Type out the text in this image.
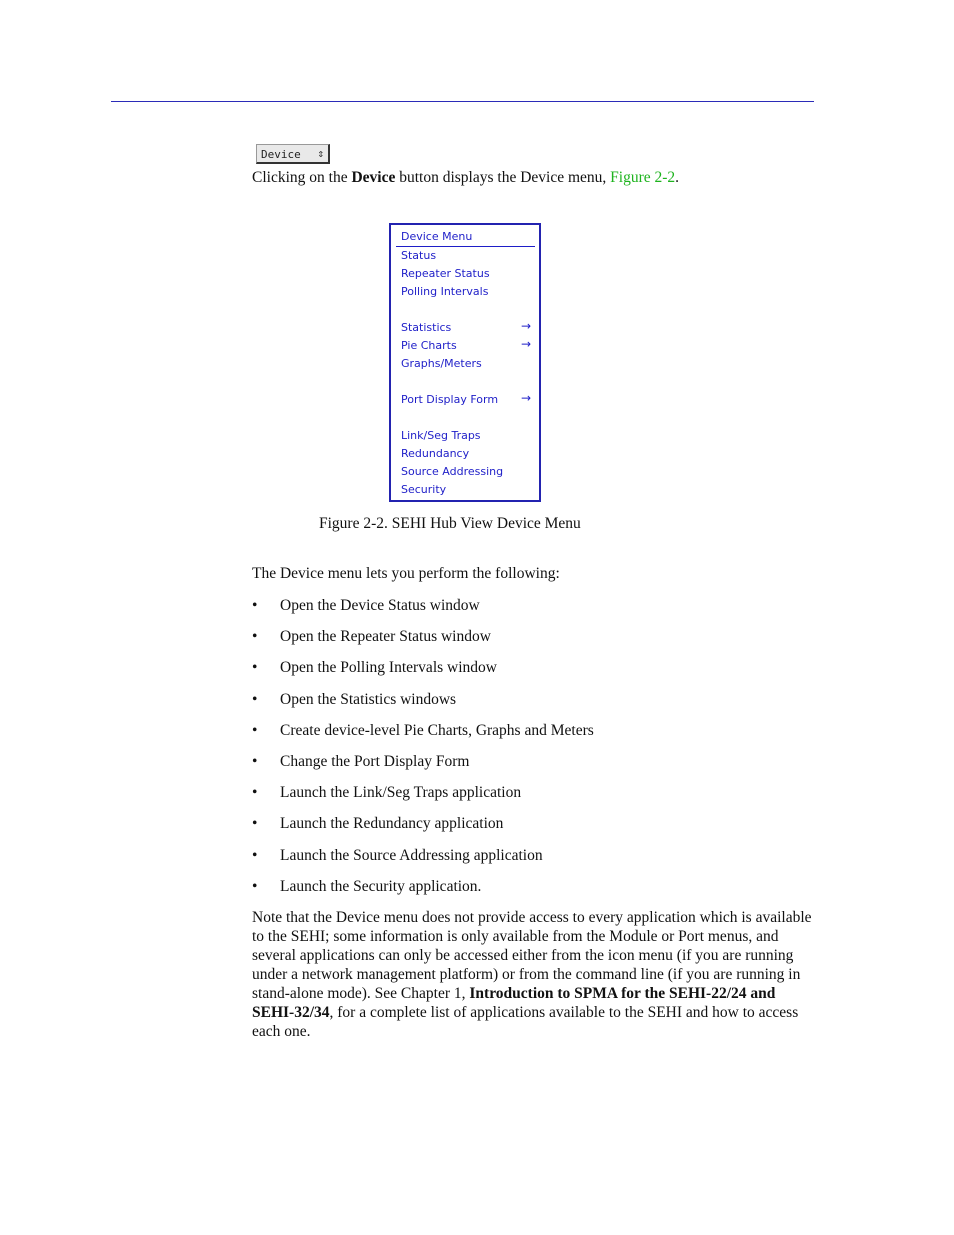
Device ⇕
Clicking on the Device button displays the Device menu, Figure 2-2.
Device Menu
Status
Repeater Status
Polling Intervals
Statistics	→
Pie Charts	→
Graphs/Meters
Port Display Form →
Link/Seg Traps
Redundancy
Source Addressing
Security
Figure 2-2. SEHI Hub View Device Menu
The Device menu lets you perform the following:
• Open the Device Status window
• Open the Repeater Status window
• Open the Polling Intervals window
• Open the Statistics windows
• Create device-level Pie Charts, Graphs and Meters
• Change the Port Display Form
• Launch the Link/Seg Traps application
• Launch the Redundancy application
• Launch the Source Addressing application
• Launch the Security application.
Note that the Device menu does not provide access to every application which is available to the SEHI; some information is only available from the Module or Port menus, and several applications can only be accessed either from the icon menu (if you are running under a network management platform) or from the command line (if you are running in stand-alone mode). See Chapter 1, Introduction to SPMA for the SEHI-22/24 and SEHI-32/34, for a complete list of applications available to the SEHI and how to access each one.
